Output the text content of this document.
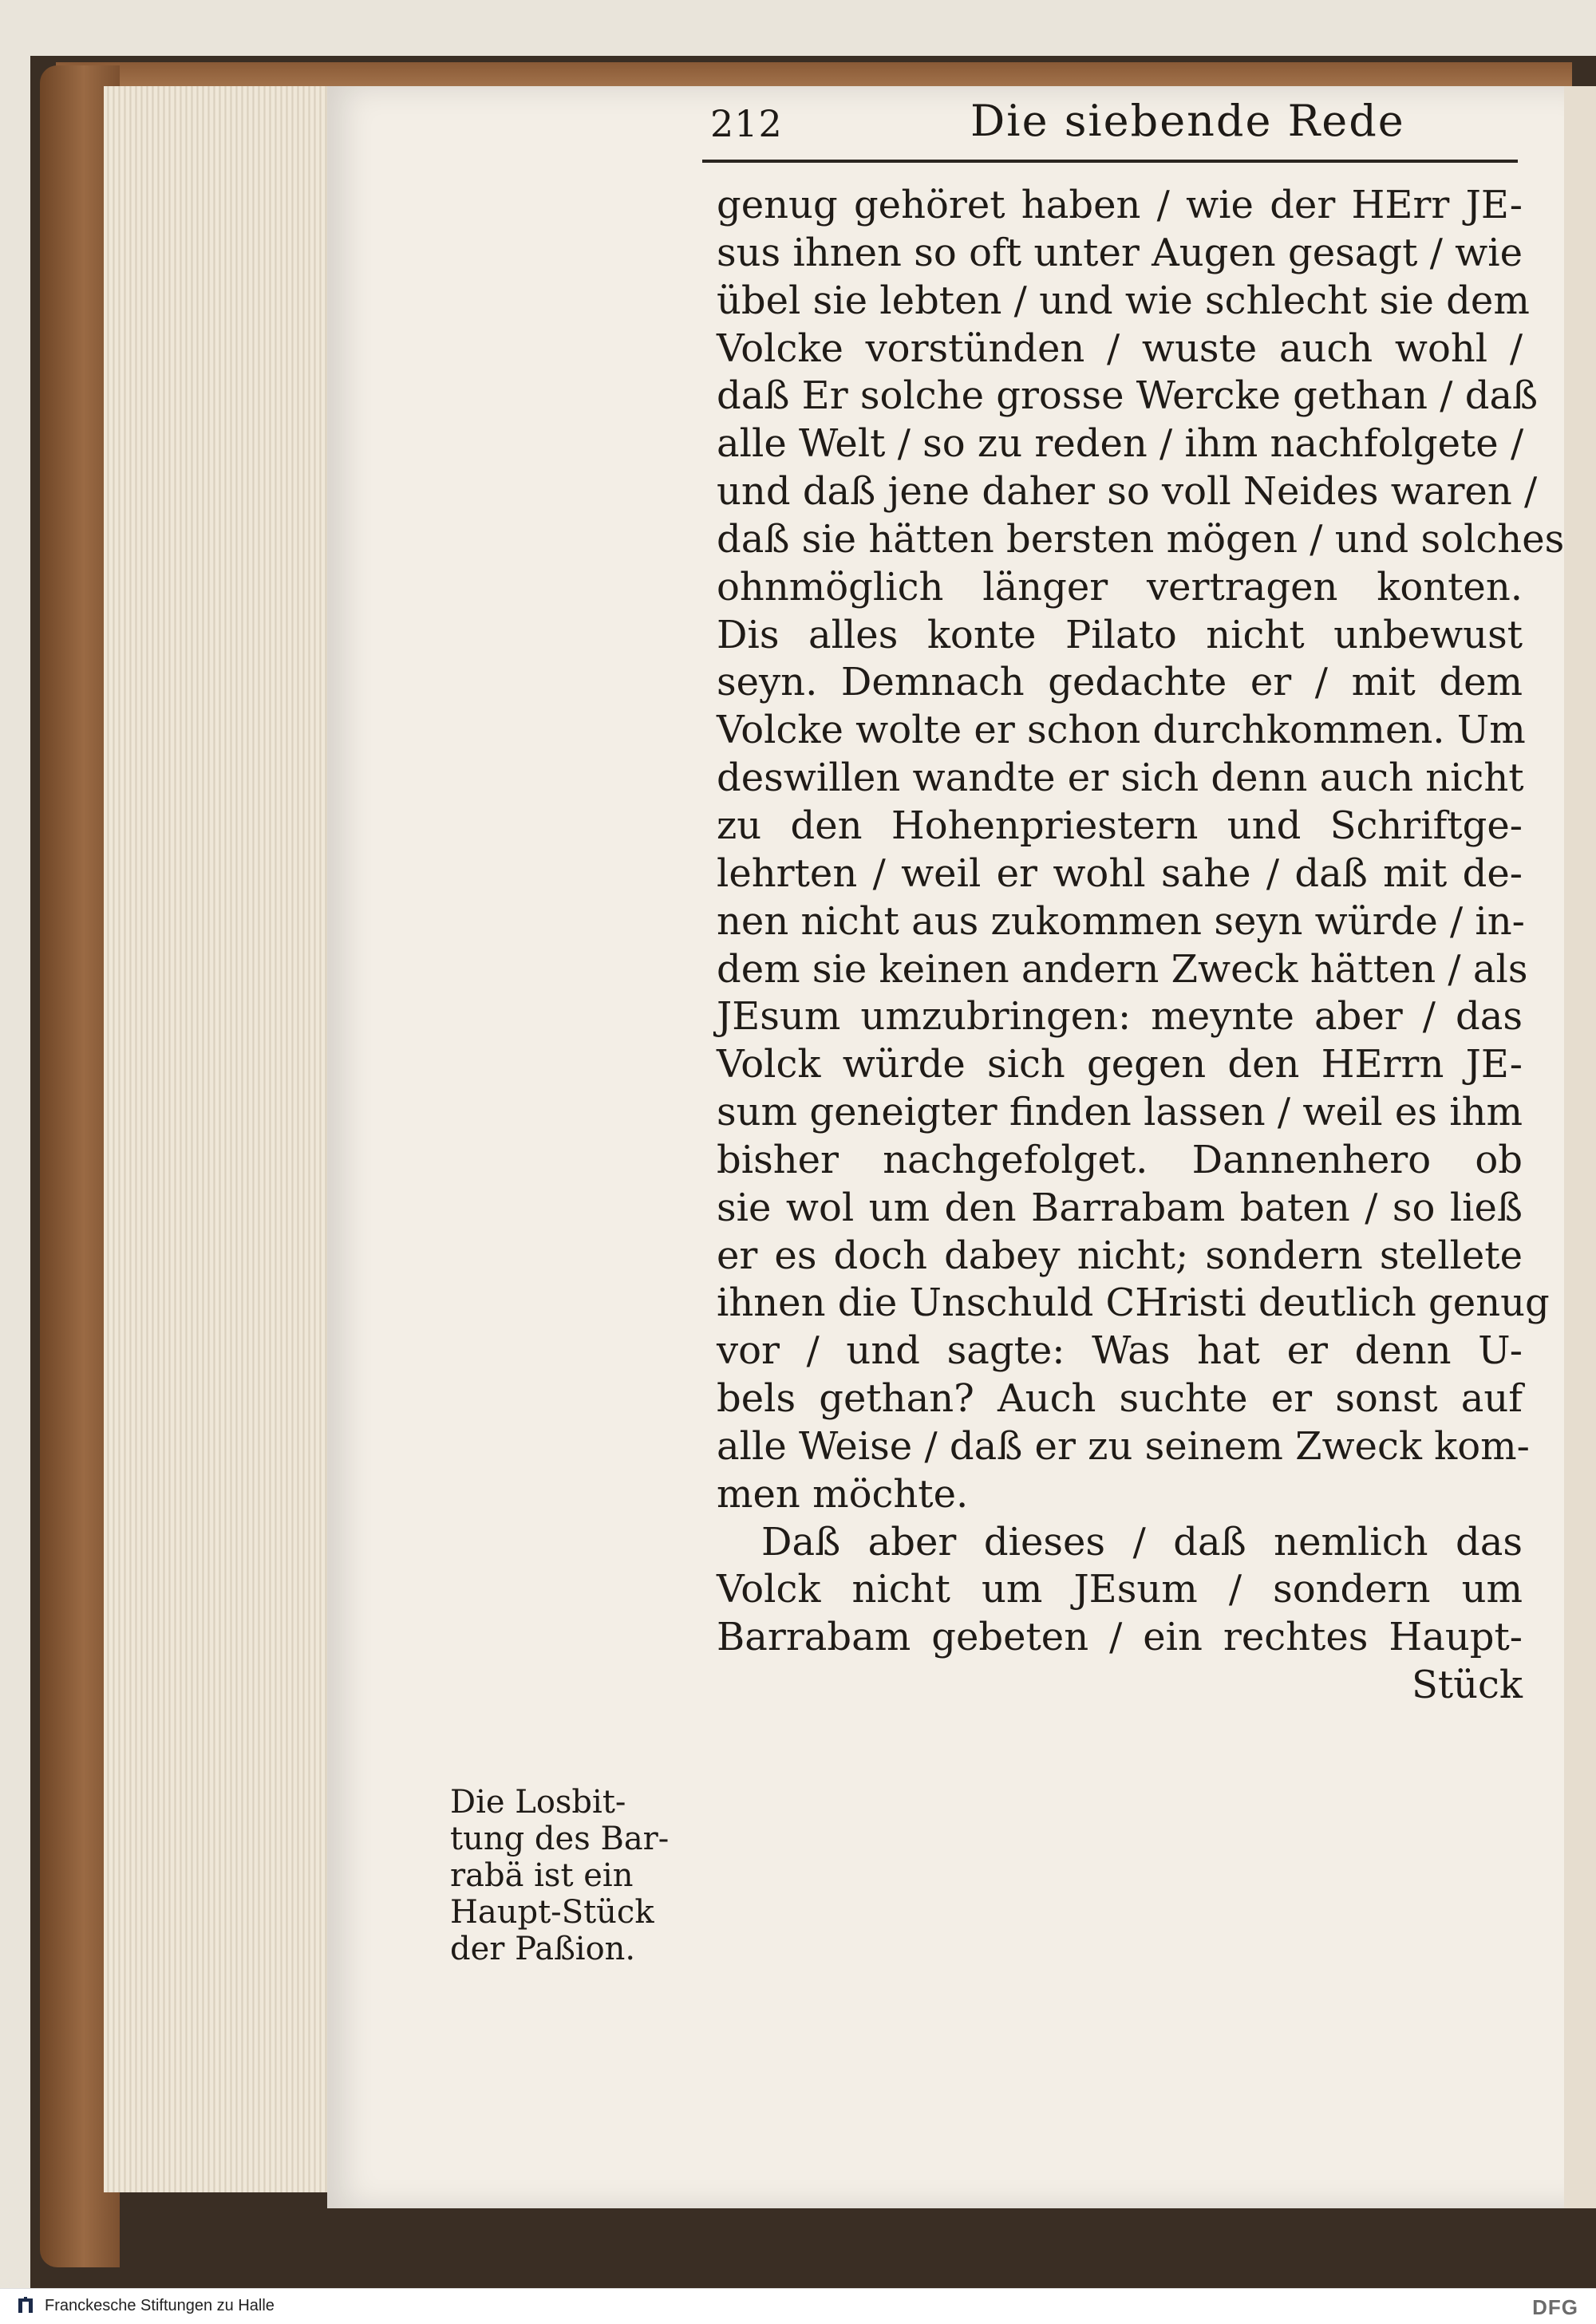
212	Die siebende Rede
genug gehöret haben / wie der HErr JE-
sus ihnen so oft unter Augen gesagt / wie
übel sie lebten / und wie schlecht sie dem
Volcke vorstünden / wuste auch wohl /
daß Er solche grosse Wercke gethan / daß
alle Welt / so zu reden / ihm nachfolgete /
und daß jene daher so voll Neides waren /
daß sie hätten bersten mögen / und solches
ohnmöglich länger vertragen konten.
Dis alles konte Pilato nicht unbewust
seyn. Demnach gedachte er / mit dem
Volcke wolte er schon durchkommen. Um
deswillen wandte er sich denn auch nicht
zu den Hohenpriestern und Schriftge-
lehrten / weil er wohl sahe / daß mit de-
nen nicht aus zukommen seyn würde / in-
dem sie keinen andern Zweck hätten / als
JEsum umzubringen: meynte aber / das
Volck würde sich gegen den HErrn JE-
sum geneigter finden lassen / weil es ihm
bisher nachgefolget. Dannenhero ob
sie wol um den Barrabam baten / so ließ
er es doch dabey nicht; sondern stellete
ihnen die Unschuld CHristi deutlich genug
vor / und sagte: Was hat er denn U-
bels gethan? Auch suchte er sonst auf
alle Weise / daß er zu seinem Zweck kom-
men möchte.
Daß aber dieses / daß nemlich das
Volck nicht um JEsum / sondern um
Barrabam gebeten / ein rechtes Haupt-
Stück
Die Losbit-
tung des Bar-
rabä ist ein
Haupt-Stück
der Paßion.
Franckesche Stiftungen zu Halle	DFG
